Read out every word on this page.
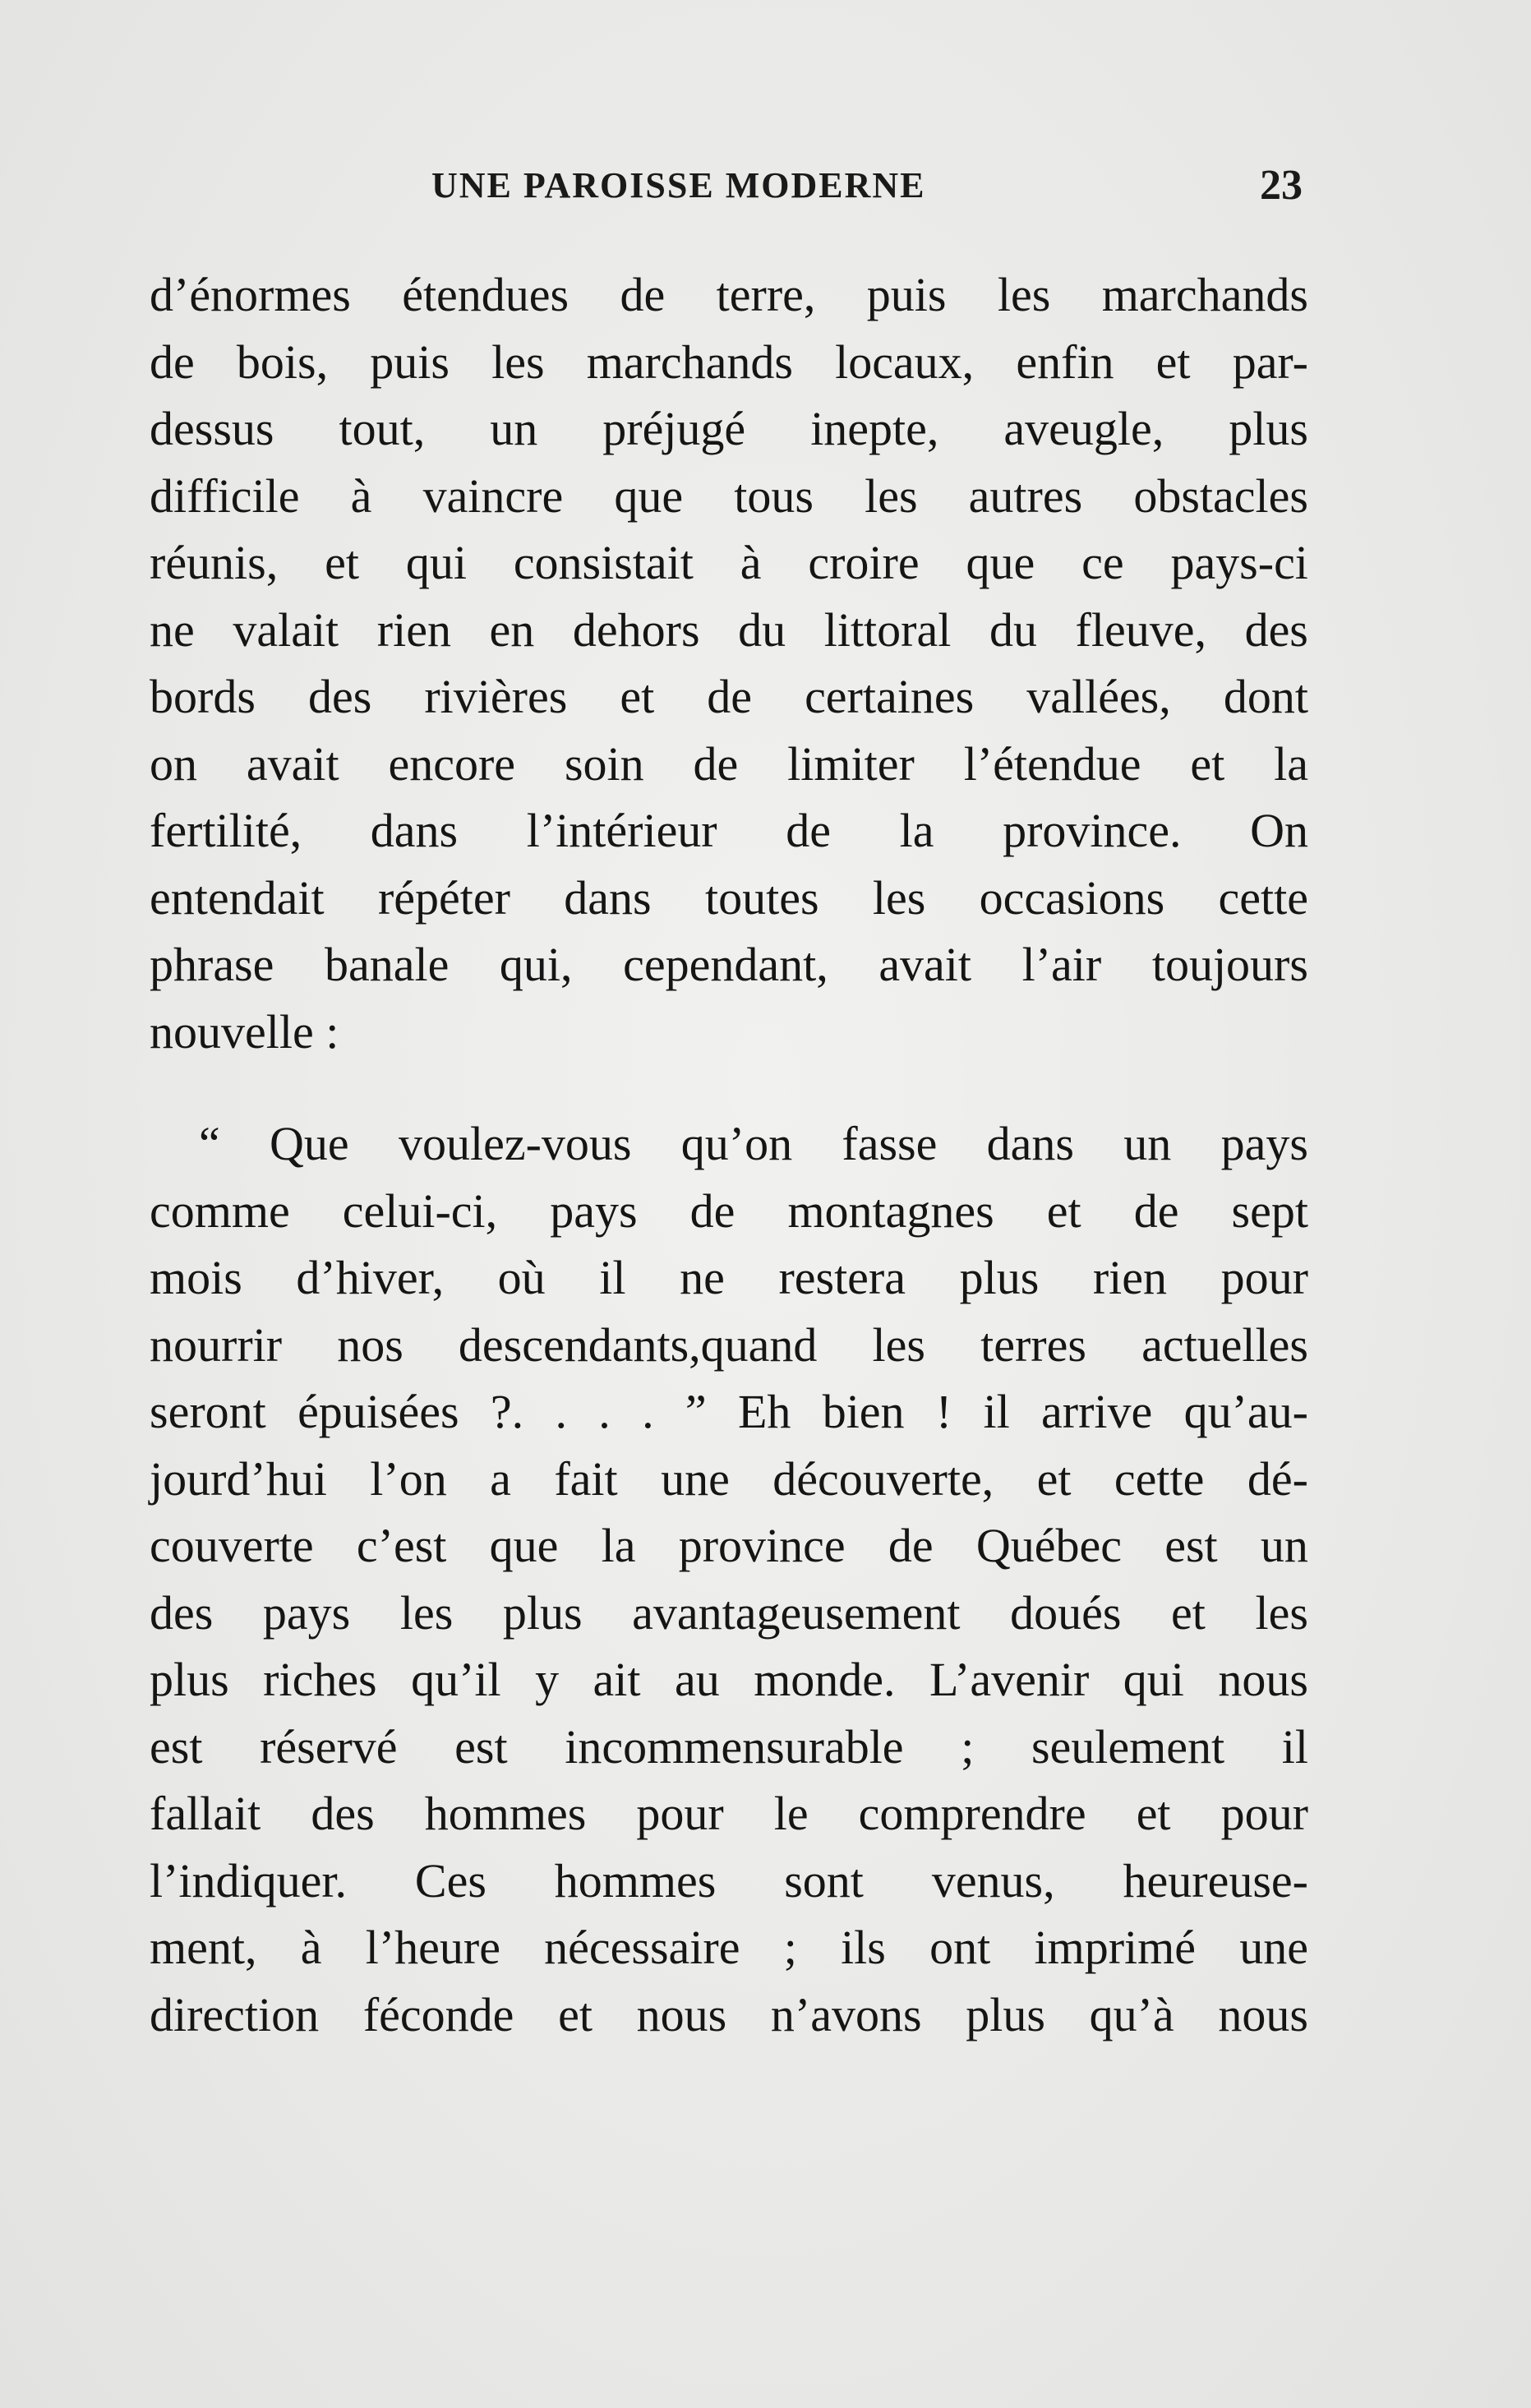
UNE PAROISSE MODERNE	23
d’énormes étendues de terre, puis les marchands
de bois, puis les marchands locaux, enfin et par-
dessus tout, un préjugé inepte, aveugle, plus
difficile à vaincre que tous les autres obstacles
réunis, et qui consistait à croire que ce pays-ci
ne valait rien en dehors du littoral du fleuve, des
bords des rivières et de certaines vallées, dont
on avait encore soin de limiter l’étendue et la
fertilité, dans l’intérieur de la province. On
entendait répéter dans toutes les occasions cette
phrase banale qui, cependant, avait l’air toujours
nouvelle :
“ Que voulez-vous qu’on fasse dans un pays
comme celui-ci, pays de montagnes et de sept
mois d’hiver, où il ne restera plus rien pour
nourrir nos descendants,quand les terres actuelles
seront épuisées ?. . . . ” Eh bien ! il arrive qu’au-
jourd’hui l’on a fait une découverte, et cette dé-
couverte c’est que la province de Québec est un
des pays les plus avantageusement doués et les
plus riches qu’il y ait au monde. L’avenir qui nous
est réservé est incommensurable ; seulement il
fallait des hommes pour le comprendre et pour
l’indiquer. Ces hommes sont venus, heureuse-
ment, à l’heure nécessaire ; ils ont imprimé une
direction féconde et nous n’avons plus qu’à nous
